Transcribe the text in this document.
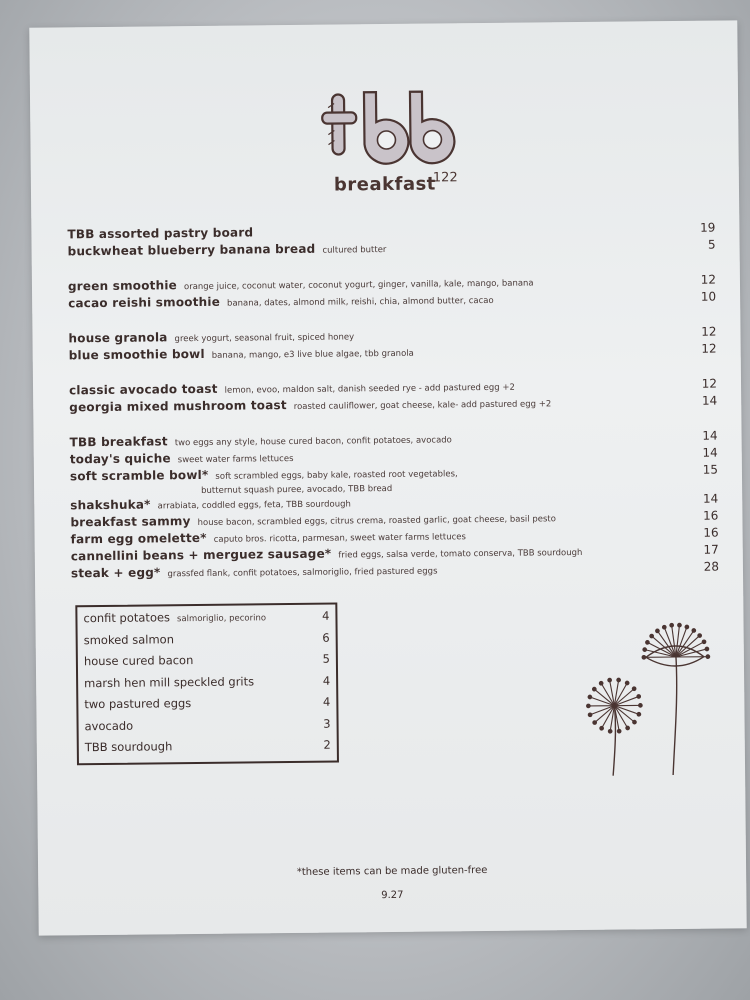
122
breakfast
TBB assorted pastry board	19
buckwheat blueberry banana bread cultured butter	5
green smoothie orange juice, coconut water, coconut yogurt, ginger, vanilla, kale, mango, banana	12
cacao reishi smoothie banana, dates, almond milk, reishi, chia, almond butter, cacao	10
house granola greek yogurt, seasonal fruit, spiced honey	12
blue smoothie bowl banana, mango, e3 live blue algae, tbb granola	12
classic avocado toast lemon, evoo, maldon salt, danish seeded rye - add pastured egg +2	12
georgia mixed mushroom toast roasted cauliflower, goat cheese, kale- add pastured egg +2	14
TBB breakfast two eggs any style, house cured bacon, confit potatoes, avocado	14
today's quiche sweet water farms lettuces	14
soft scramble bowl* soft scrambled eggs, baby kale, roasted root vegetables,	15
butternut squash puree, avocado, TBB bread
shakshuka* arrabiata, coddled eggs, feta, TBB sourdough	14
breakfast sammy house bacon, scrambled eggs, citrus crema, roasted garlic, goat cheese, basil pesto	16
farm egg omelette* caputo bros. ricotta, parmesan, sweet water farms lettuces	16
cannellini beans + merguez sausage* fried eggs, salsa verde, tomato conserva, TBB sourdough	17
steak + egg* grassfed flank, confit potatoes, salmoriglio, fried pastured eggs	28
confit potatoes salmoriglio, pecorino	4
smoked salmon	6
house cured bacon	5
marsh hen mill speckled grits	4
two pastured eggs	4
avocado	3
TBB sourdough	2
*these items can be made gluten-free
9.27
